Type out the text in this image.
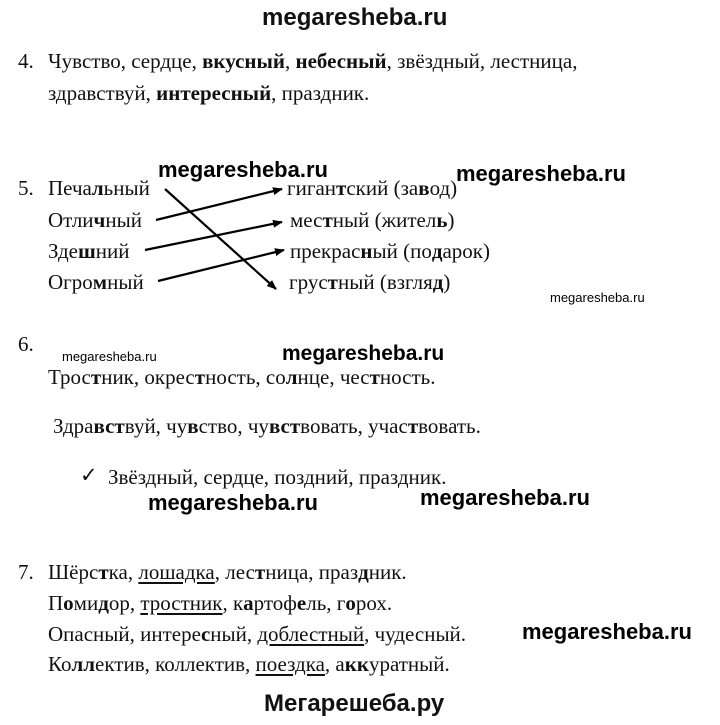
megaresheba.ru
4. Чувство, сердце, вкусный, небесный, звёздный, лестница,
здравствуй, интересный, праздник.
megaresheba.ru	megaresheba.ru
5. Печальный
Отличный
Здешний
Огромный
гигантский (завод)
местный (житель)
прекрасный (подарок)
грустный (взгляд)
megaresheba.ru
6.
megaresheba.ru	megaresheba.ru
Тростник, окрестность, солнце, честность.
Здравствуй, чувство, чувствовать, участвовать.
✓ Звёздный, сердце, поздний, праздник.
megaresheba.ru	megaresheba.ru
7. Шёрстка, лошадка, лестница, праздник.
Помидор, тростник, картофель, горох.
Опасный, интересный, доблестный, чудесный.	megaresheba.ru
Коллектив, коллектив, поездка, аккуратный.
Мегарешеба.ру
